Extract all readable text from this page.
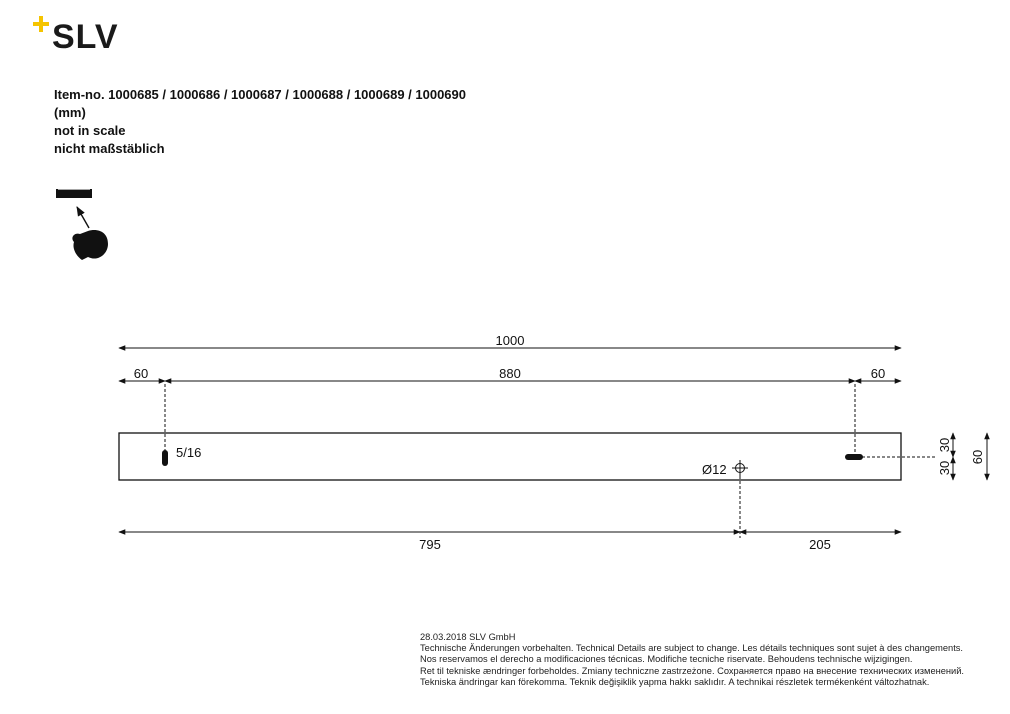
SLV
Item-no. 1000685 / 1000686 / 1000687 / 1000688 / 1000689 / 1000690
(mm)
not in scale
nicht maßstäblich
1000
60	880	60
5/16
Ø12
795	205
30
30
60
28.03.2018 SLV GmbH
Technische Änderungen vorbehalten. Technical Details are subject to change. Les détails techniques sont sujet à des changements.
Nos reservamos el derecho a modificaciones técnicas. Modifiche tecniche riservate. Behoudens technische wijzigingen.
Ret til tekniske ændringer forbeholdes. Zmiany techniczne zastrzeżone. Сохраняется право на внесение технических изменений.
Tekniska ändringar kan förekomma. Teknik değişiklik yapma hakkı saklıdır. A technikai részletek termékenként változhatnak.
